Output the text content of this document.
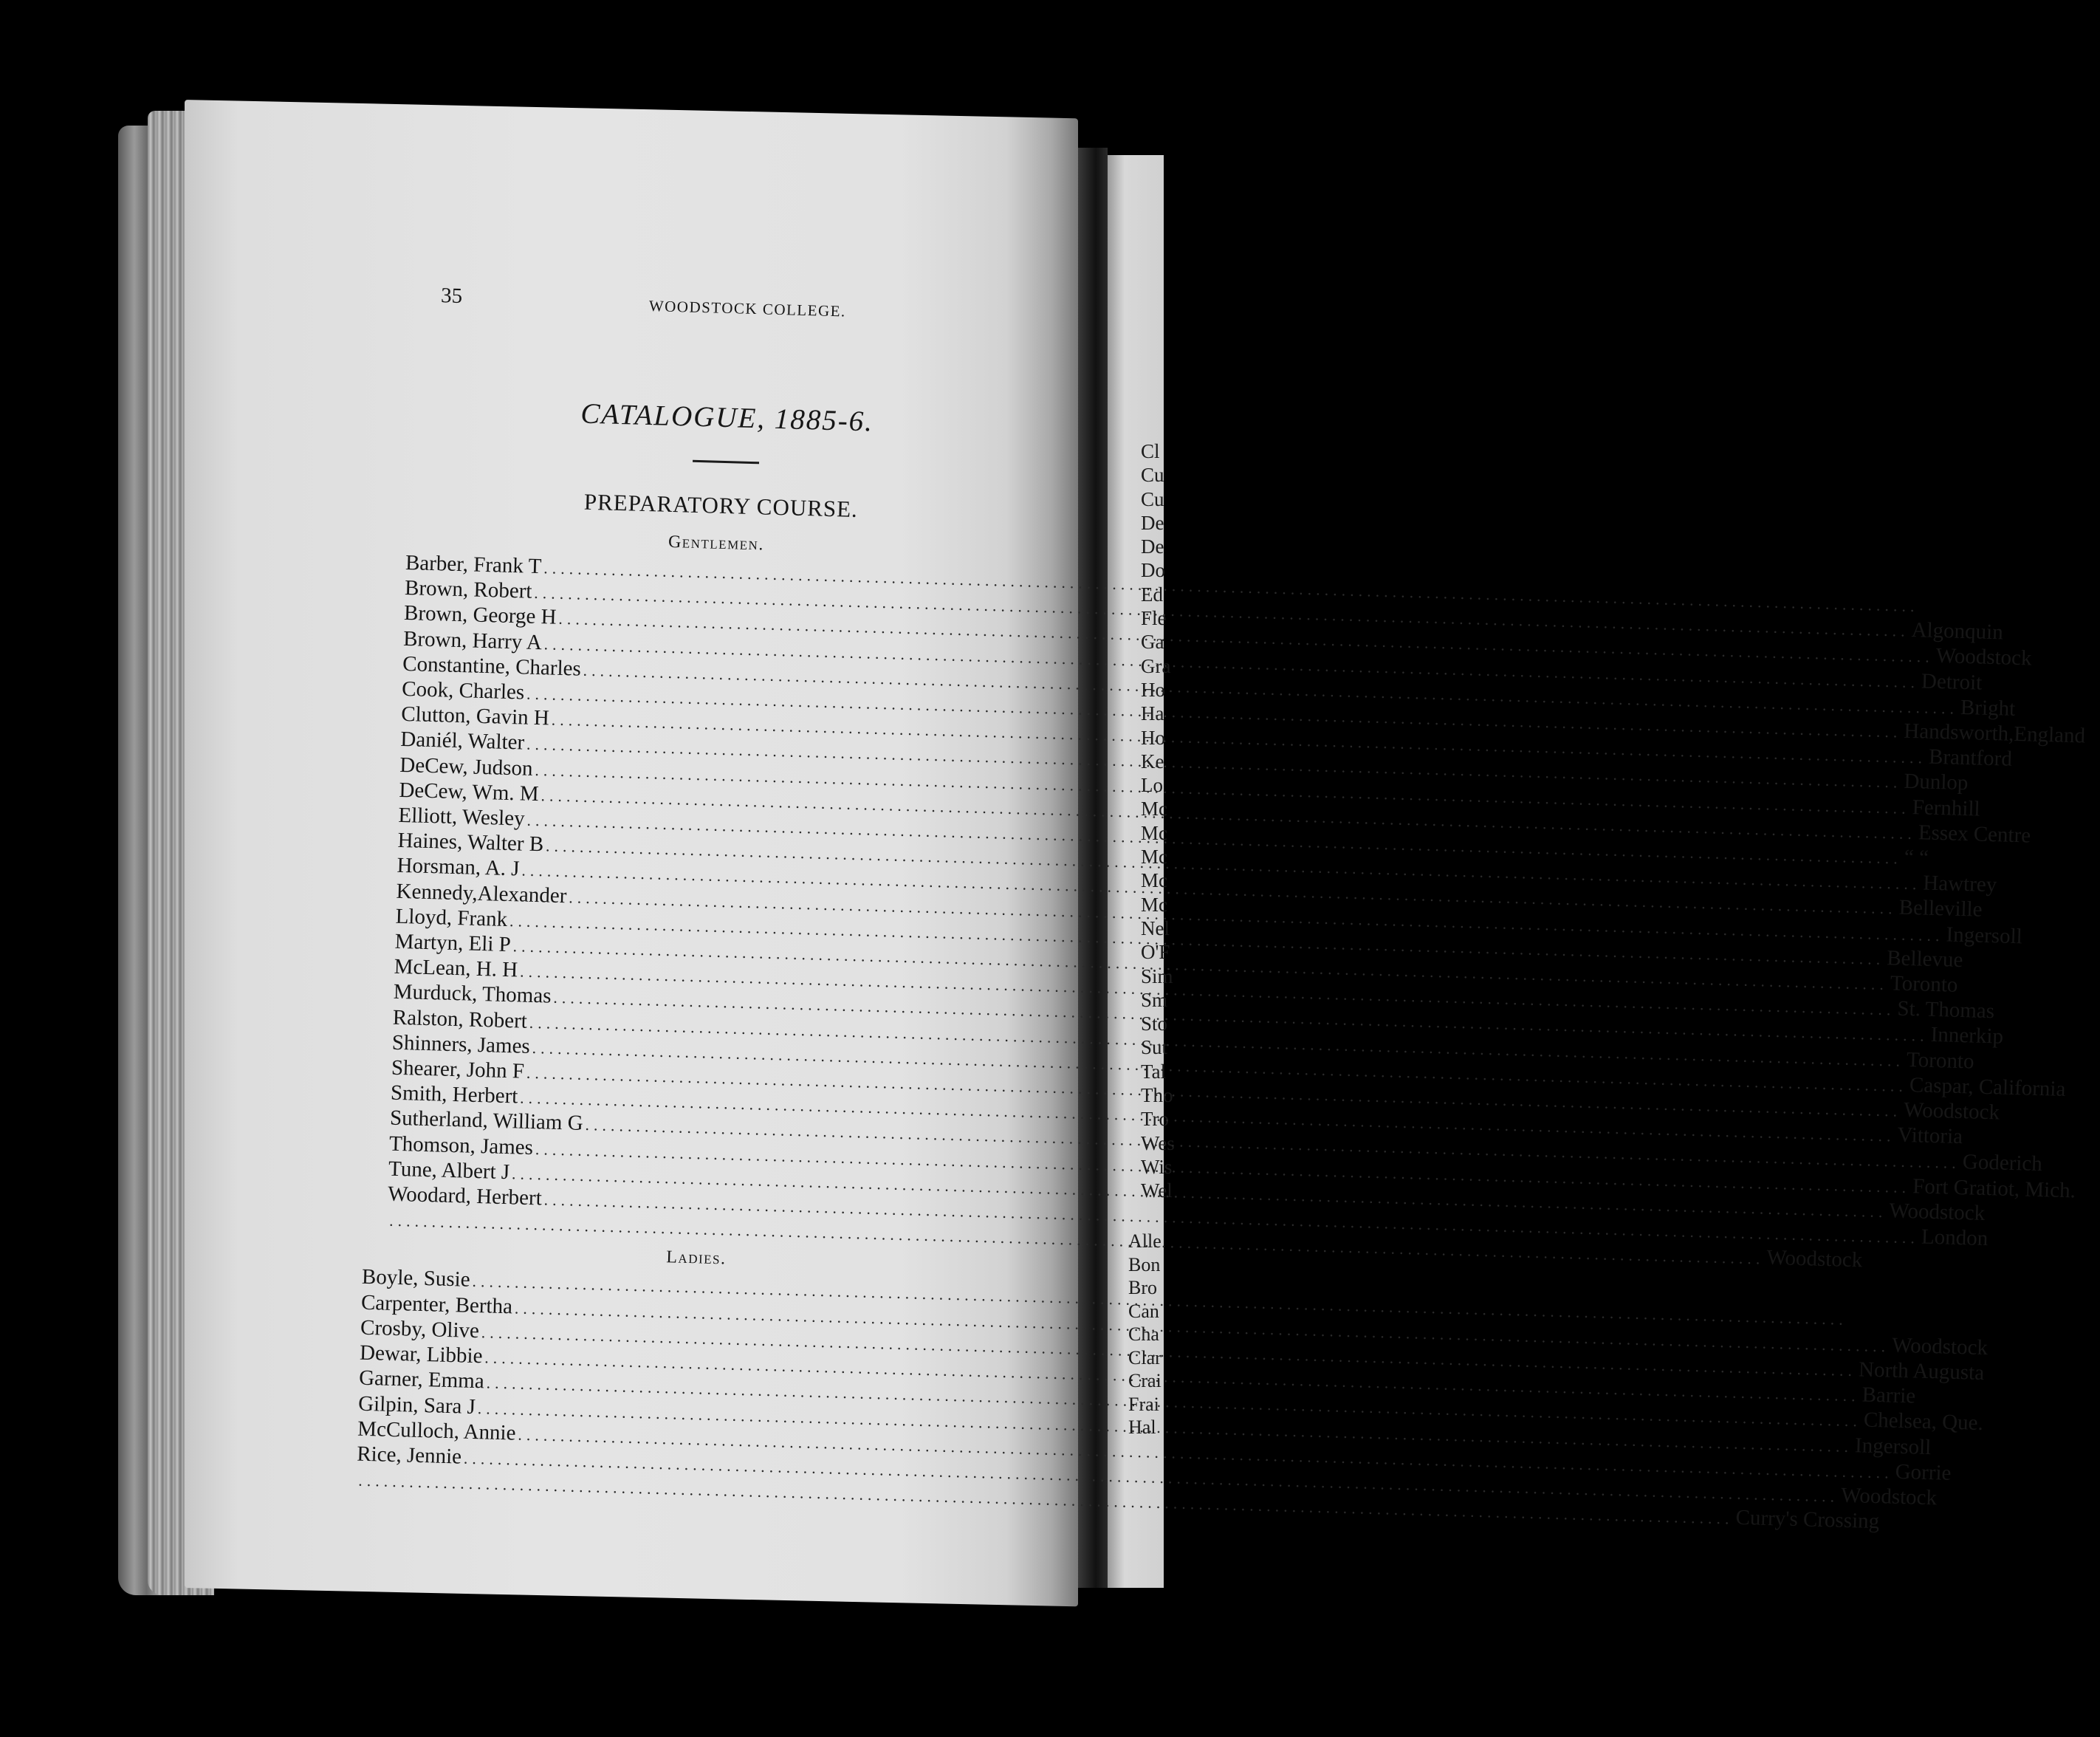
Cl
Cu
Cu
De
De
Do
Ed
Fle
Ga
Gra
Ho
Ha
Ho
Ke
Lo
Mc
Mc
Mc
Mc
Mc
Nel
O'F
Sim
Sm
Sto
Sut
Tal
Tho
Tro
Wes
Wis
Wel
Alle
Bon
Bro
Can
Cha
Clar
Crai
Frai
Hal
35
WOODSTOCK COLLEGE.
CATALOGUE, 1885-6.
PREPARATORY COURSE.
Gentlemen.
Barber, Frank T
.....
Brown, Robert
.....
Algonquin
Brown, George H
.....
Woodstock
Brown, Harry A
.....
Detroit
Constantine, Charles
.....
Bright
Cook, Charles
.....
Handsworth,England
Clutton, Gavin H
.....
Brantford
Daniél, Walter
.....
Dunlop
DeCew, Judson
.....
Fernhill
DeCew, Wm. M
.....
Essex Centre
Elliott, Wesley
.....
“ “
Haines, Walter B
.....
Hawtrey
Horsman, A. J
.....
Belleville
Kennedy,Alexander
.....
Ingersoll
Lloyd, Frank
.....
Bellevue
Martyn, Eli P
.....
Toronto
McLean, H. H
.....
St. Thomas
Murduck, Thomas
.....
Innerkip
Ralston, Robert
.....
Toronto
Shinners, James
.....
Caspar, California
Shearer, John F
.....
Woodstock
Smith, Herbert
.....
Vittoria
Sutherland, William G
.....
Goderich
Thomson, James
.....
Fort Gratiot, Mich.
Tune, Albert J
.....
Woodstock
Woodard, Herbert
.....
London
.....
Woodstock
Ladies.
Boyle, Susie
.....
Carpenter, Bertha
.....
Woodstock
Crosby, Olive
.....
North Augusta
Dewar, Libbie
.....
Barrie
Garner, Emma
.....
Chelsea, Que.
Gilpin, Sara J
.....
Ingersoll
McCulloch, Annie
.....
Gorrie
Rice, Jennie
.....
Woodstock
.....
Curry's Crossing
